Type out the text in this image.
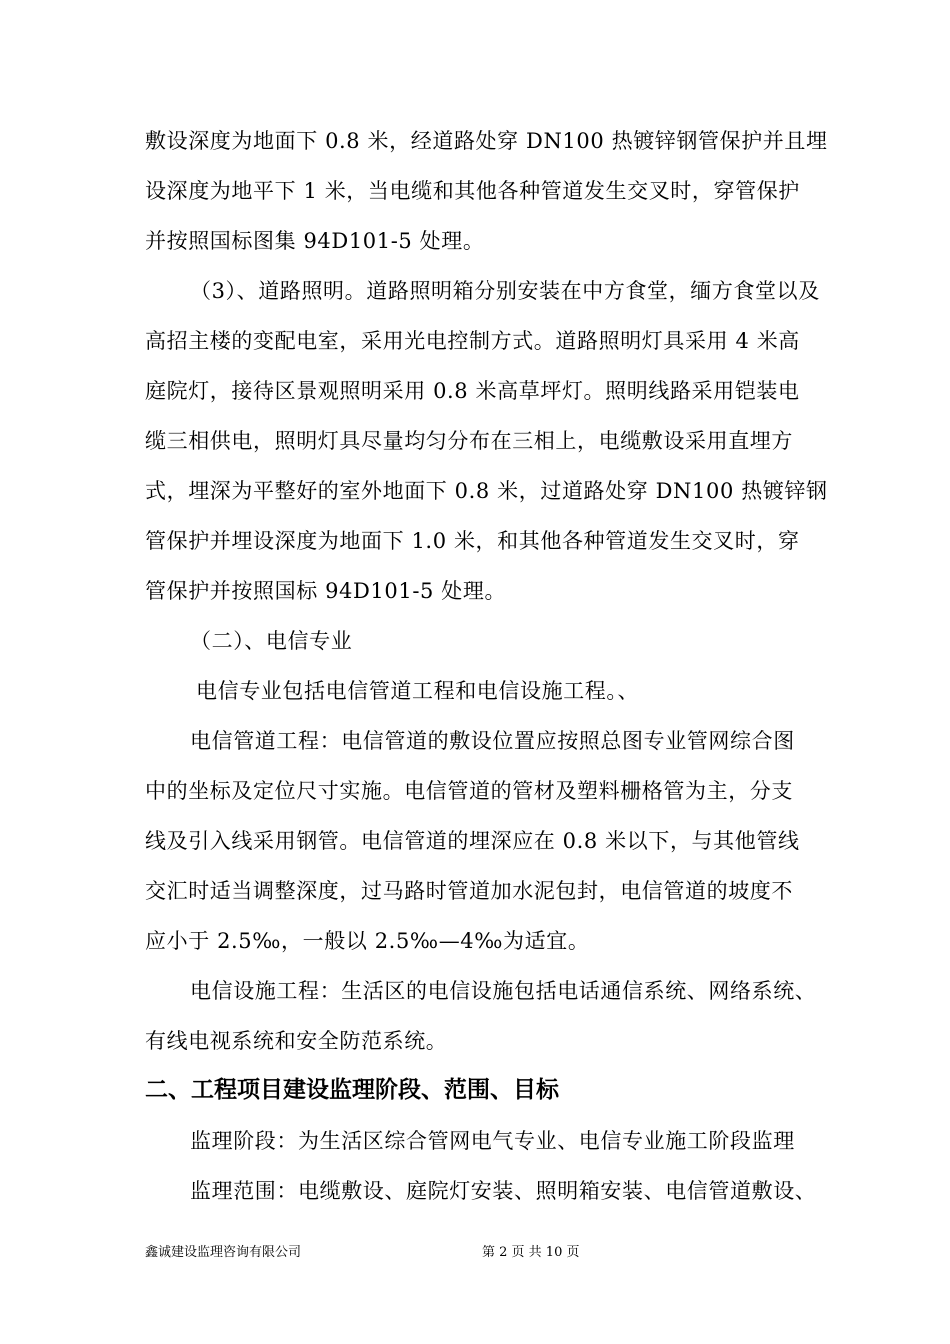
敷设深度为地面下 0.8 米，经道路处穿 DN100 热镀锌钢管保护并且埋
设深度为地平下 1 米，当电缆和其他各种管道发生交叉时，穿管保护
并按照国标图集 94D101-5 处理。
（3）、道路照明。道路照明箱分别安装在中方食堂，缅方食堂以及
高招主楼的变配电室，采用光电控制方式。道路照明灯具采用 4 米高
庭院灯，接待区景观照明采用 0.8 米高草坪灯。照明线路采用铠装电
缆三相供电，照明灯具尽量均匀分布在三相上，电缆敷设采用直埋方
式，埋深为平整好的室外地面下 0.8 米，过道路处穿 DN100 热镀锌钢
管保护并埋设深度为地面下 1.0 米，和其他各种管道发生交叉时，穿
管保护并按照国标 94D101-5 处理。
（二）、电信专业
电信专业包括电信管道工程和电信设施工程。、
电信管道工程：电信管道的敷设位置应按照总图专业管网综合图
中的坐标及定位尺寸实施。电信管道的管材及塑料栅格管为主，分支
线及引入线采用钢管。电信管道的埋深应在 0.8 米以下，与其他管线
交汇时适当调整深度，过马路时管道加水泥包封，电信管道的坡度不
应小于 2.5‰，一般以 2.5‰—4‰为适宜。
电信设施工程：生活区的电信设施包括电话通信系统、网络系统、
有线电视系统和安全防范系统。
二、工程项目建设监理阶段、范围、目标
监理阶段：为生活区综合管网电气专业、电信专业施工阶段监理
监理范围：电缆敷设、庭院灯安装、照明箱安装、电信管道敷设、
鑫诚建设监理咨询有限公司	第 2 页 共 10 页
